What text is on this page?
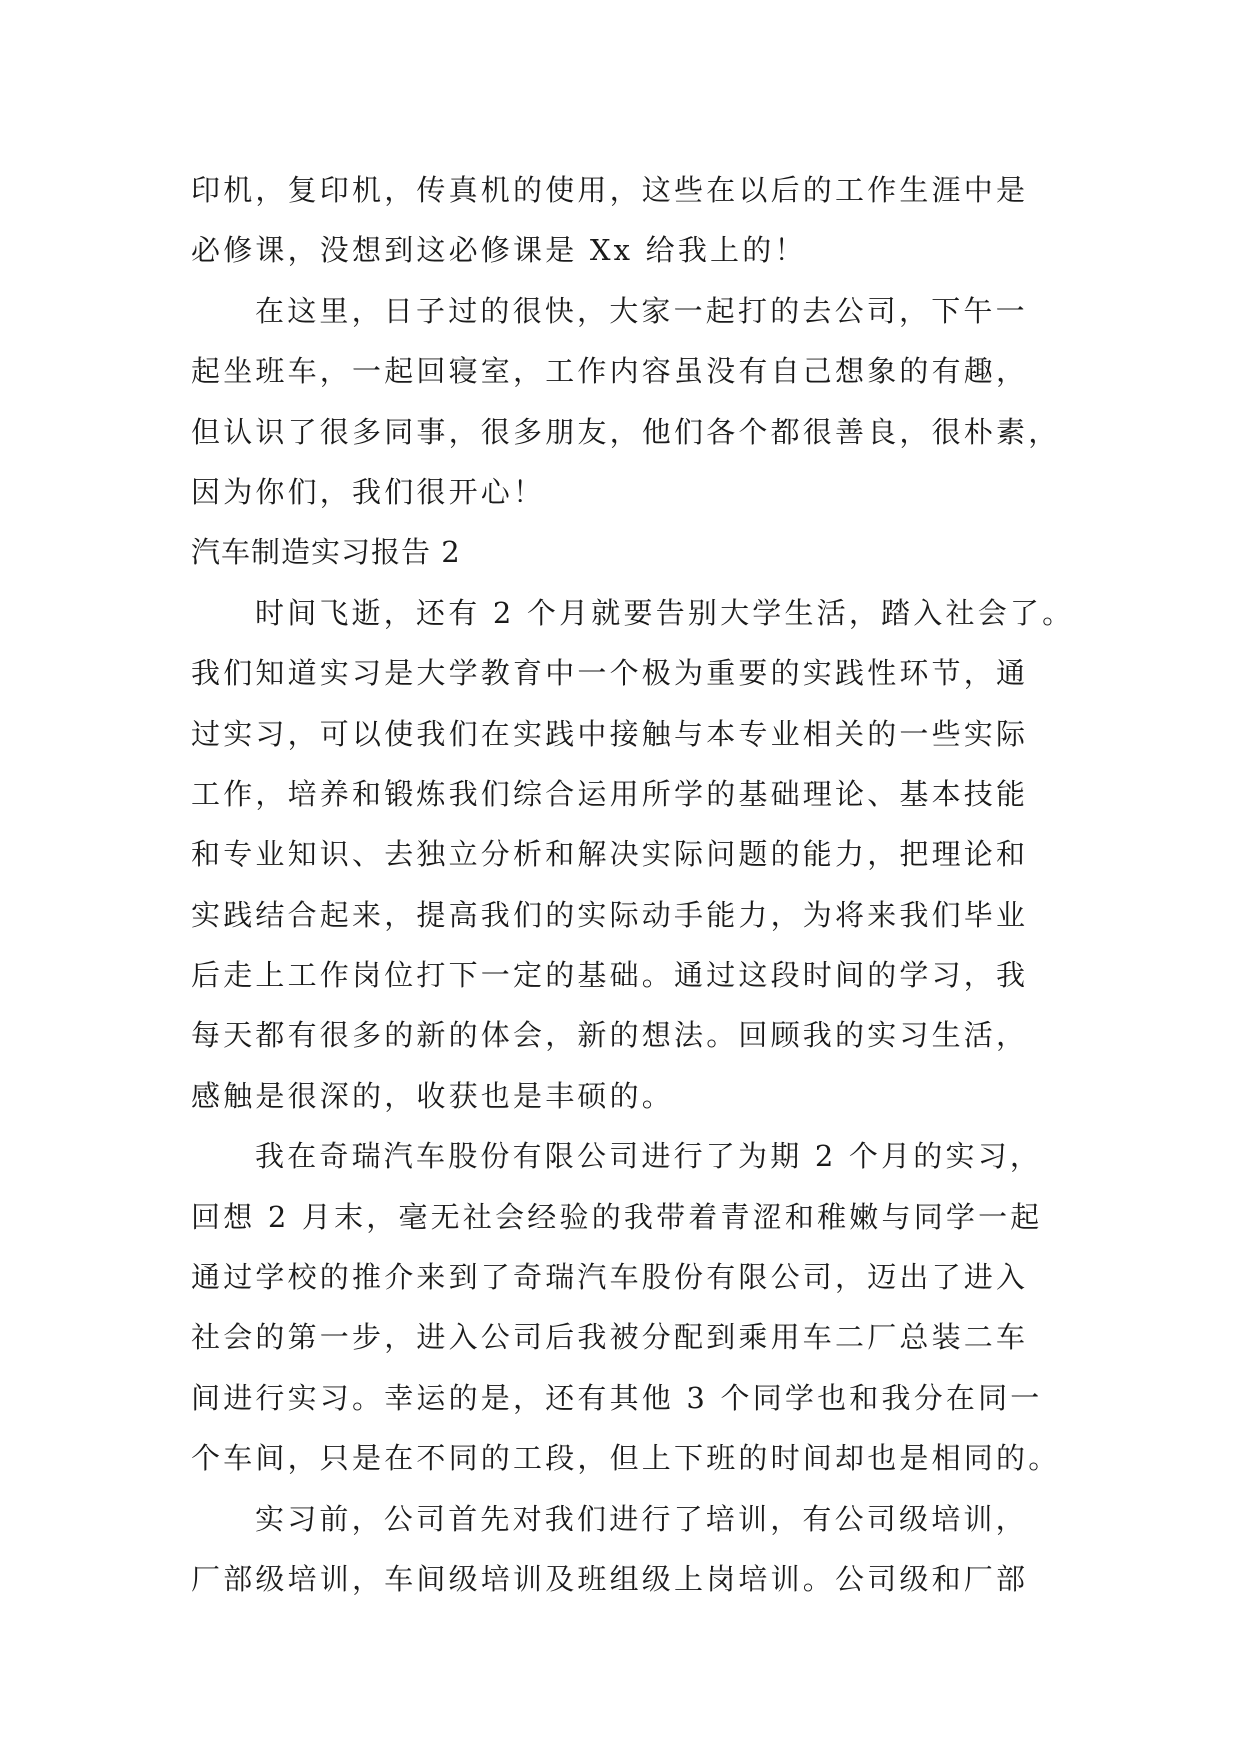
印机，复印机，传真机的使用，这些在以后的工作生涯中是
必修课，没想到这必修课是 Xx 给我上的！
在这里，日子过的很快，大家一起打的去公司，下午一
起坐班车，一起回寝室，工作内容虽没有自己想象的有趣，
但认识了很多同事，很多朋友，他们各个都很善良，很朴素，
因为你们，我们很开心！
汽车制造实习报告 2
时间飞逝，还有 2 个月就要告别大学生活，踏入社会了。
我们知道实习是大学教育中一个极为重要的实践性环节，通
过实习，可以使我们在实践中接触与本专业相关的一些实际
工作，培养和锻炼我们综合运用所学的基础理论、基本技能
和专业知识、去独立分析和解决实际问题的能力，把理论和
实践结合起来，提高我们的实际动手能力，为将来我们毕业
后走上工作岗位打下一定的基础。通过这段时间的学习，我
每天都有很多的新的体会，新的想法。回顾我的实习生活，
感触是很深的，收获也是丰硕的。
我在奇瑞汽车股份有限公司进行了为期 2 个月的实习，
回想 2 月末，毫无社会经验的我带着青涩和稚嫩与同学一起
通过学校的推介来到了奇瑞汽车股份有限公司，迈出了进入
社会的第一步，进入公司后我被分配到乘用车二厂总装二车
间进行实习。幸运的是，还有其他 3 个同学也和我分在同一
个车间，只是在不同的工段，但上下班的时间却也是相同的。
实习前，公司首先对我们进行了培训，有公司级培训，
厂部级培训，车间级培训及班组级上岗培训。公司级和厂部
